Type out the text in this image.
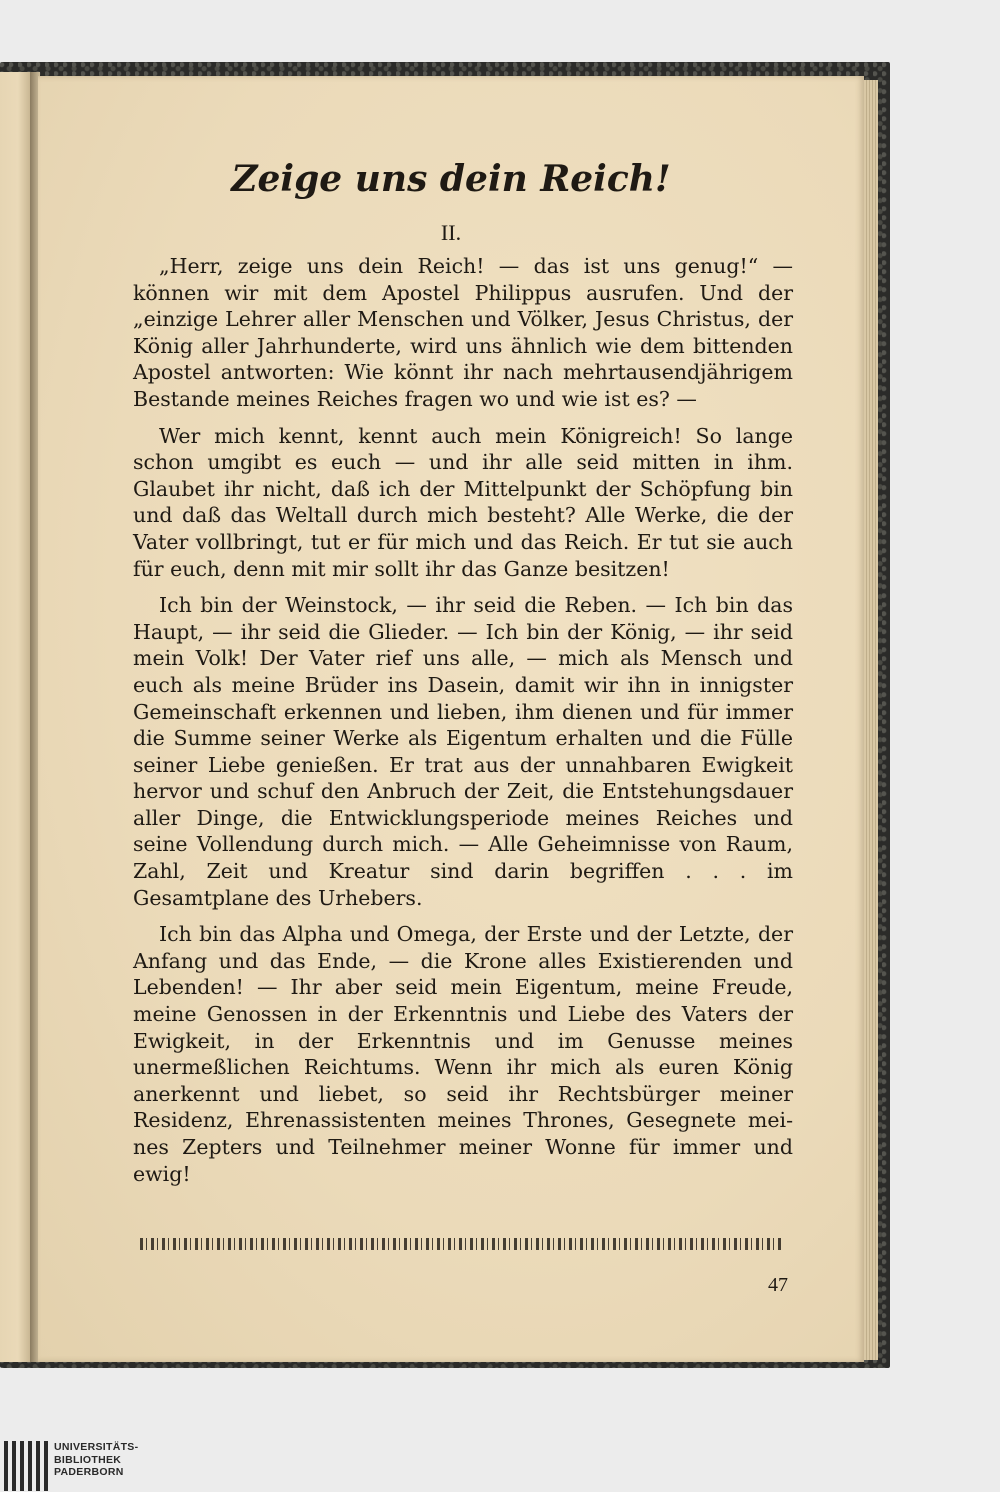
Zeige uns dein Reich!
II.

„Herr, zeige uns dein Reich! — das ist uns genug!“ — können wir mit dem Apostel Philippus ausrufen. Und der „einzige Lehrer aller Menschen und Völker, Jesus Christus, der König aller Jahrhunderte, wird uns ähnlich wie dem bittenden Apostel antworten: Wie könnt ihr nach mehrtausendjährigem Bestande meines Reiches fragen wo und wie ist es? —

Wer mich kennt, kennt auch mein Königreich! So lange schon umgibt es euch — und ihr alle seid mitten in ihm. Glaubet ihr nicht, daß ich der Mittelpunkt der Schöpfung bin und daß das Weltall durch mich besteht? Alle Werke, die der Vater vollbringt, tut er für mich und das Reich. Er tut sie auch für euch, denn mit mir sollt ihr das Ganze besitzen!

Ich bin der Weinstock, — ihr seid die Reben. — Ich bin das Haupt, — ihr seid die Glieder. — Ich bin der König, — ihr seid mein Volk! Der Vater rief uns alle, — mich als Mensch und euch als meine Brüder ins Dasein, damit wir ihn in innigster Gemeinschaft erkennen und lieben, ihm dienen und für immer die Summe seiner Werke als Eigentum erhalten und die Fülle seiner Liebe genießen. Er trat aus der unnahbaren Ewigkeit hervor und schuf den Anbruch der Zeit, die Entstehungsdauer aller Dinge, die Entwicklungsperiode meines Reiches und seine Vollendung durch mich. — Alle Geheimnisse von Raum, Zahl, Zeit und Kreatur sind darin begriffen . . . im Gesamtplane des Urhebers.

Ich bin das Alpha und Omega, der Erste und der Letzte, der Anfang und das Ende, — die Krone alles Existierenden und Lebenden! — Ihr aber seid mein Eigentum, meine Freude, meine Genossen in der Erkenntnis und Liebe des Vaters der Ewigkeit, in der Erkenntnis und im Genusse meines unermeßlichen Reichtums. Wenn ihr mich als euren König anerkennt und liebet, so seid ihr Rechtsbürger meiner Residenz, Ehrenassistenten meines Thrones, Gesegnete meines Zepters und Teilnehmer meiner Wonne für immer und ewig!

47
UNIVERSITÄTS-
BIBLIOTHEK
PADERBORN
